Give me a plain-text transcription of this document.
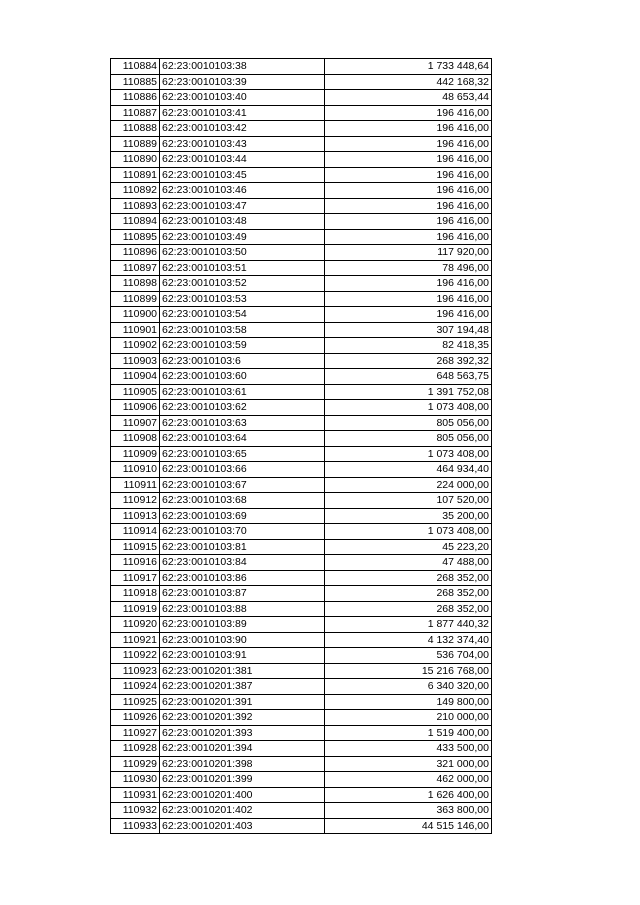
110884	62:23:0010103:38	1 733 448,64
110885	62:23:0010103:39	442 168,32
110886	62:23:0010103:40	48 653,44
110887	62:23:0010103:41	196 416,00
110888	62:23:0010103:42	196 416,00
110889	62:23:0010103:43	196 416,00
110890	62:23:0010103:44	196 416,00
110891	62:23:0010103:45	196 416,00
110892	62:23:0010103:46	196 416,00
110893	62:23:0010103:47	196 416,00
110894	62:23:0010103:48	196 416,00
110895	62:23:0010103:49	196 416,00
110896	62:23:0010103:50	117 920,00
110897	62:23:0010103:51	78 496,00
110898	62:23:0010103:52	196 416,00
110899	62:23:0010103:53	196 416,00
110900	62:23:0010103:54	196 416,00
110901	62:23:0010103:58	307 194,48
110902	62:23:0010103:59	82 418,35
110903	62:23:0010103:6	268 392,32
110904	62:23:0010103:60	648 563,75
110905	62:23:0010103:61	1 391 752,08
110906	62:23:0010103:62	1 073 408,00
110907	62:23:0010103:63	805 056,00
110908	62:23:0010103:64	805 056,00
110909	62:23:0010103:65	1 073 408,00
110910	62:23:0010103:66	464 934,40
110911	62:23:0010103:67	224 000,00
110912	62:23:0010103:68	107 520,00
110913	62:23:0010103:69	35 200,00
110914	62:23:0010103:70	1 073 408,00
110915	62:23:0010103:81	45 223,20
110916	62:23:0010103:84	47 488,00
110917	62:23:0010103:86	268 352,00
110918	62:23:0010103:87	268 352,00
110919	62:23:0010103:88	268 352,00
110920	62:23:0010103:89	1 877 440,32
110921	62:23:0010103:90	4 132 374,40
110922	62:23:0010103:91	536 704,00
110923	62:23:0010201:381	15 216 768,00
110924	62:23:0010201:387	6 340 320,00
110925	62:23:0010201:391	149 800,00
110926	62:23:0010201:392	210 000,00
110927	62:23:0010201:393	1 519 400,00
110928	62:23:0010201:394	433 500,00
110929	62:23:0010201:398	321 000,00
110930	62:23:0010201:399	462 000,00
110931	62:23:0010201:400	1 626 400,00
110932	62:23:0010201:402	363 800,00
110933	62:23:0010201:403	44 515 146,00
